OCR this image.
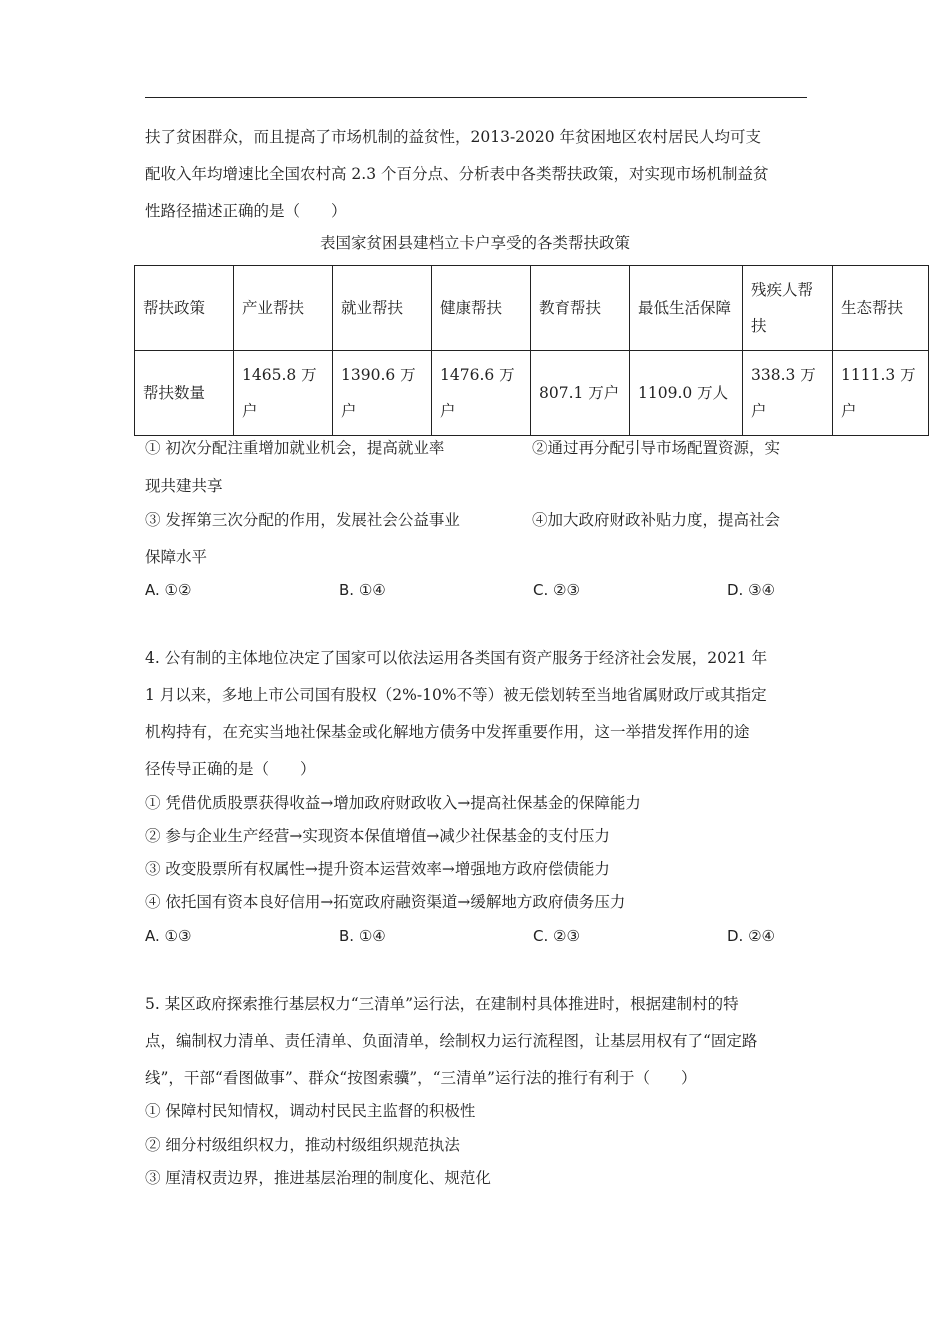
扶了贫困群众，而且提高了市场机制的益贫性，2013-2020 年贫困地区农村居民人均可支
配收入年均增速比全国农村高 2.3 个百分点、分析表中各类帮扶政策，对实现市场机制益贫
性路径描述正确的是（　　）
表国家贫困县建档立卡户享受的各类帮扶政策
帮扶政策	产业帮扶	就业帮扶	健康帮扶	教育帮扶	最低生活保障	残疾人帮扶	生态帮扶
帮扶数量	1465.8 万户	1390.6 万户	1476.6 万户	807.1 万户	1109.0 万人	338.3 万户	1111.3 万户
① 初次分配注重增加就业机会，提高就业率	②通过再分配引导市场配置资源，实
现共建共享
③ 发挥第三次分配的作用，发展社会公益事业	④加大政府财政补贴力度，提高社会
保障水平
A. ①②	B. ①④	C. ②③	D. ③④
4. 公有制的主体地位决定了国家可以依法运用各类国有资产服务于经济社会发展，2021 年
1 月以来，多地上市公司国有股权（2%-10%不等）被无偿划转至当地省属财政厅或其指定
机构持有，在充实当地社保基金或化解地方债务中发挥重要作用，这一举措发挥作用的途
径传导正确的是（　　）
① 凭借优质股票获得收益→增加政府财政收入→提高社保基金的保障能力
② 参与企业生产经营→实现资本保值增值→减少社保基金的支付压力
③ 改变股票所有权属性→提升资本运营效率→增强地方政府偿债能力
④ 依托国有资本良好信用→拓宽政府融资渠道→缓解地方政府债务压力
A. ①③	B. ①④	C. ②③	D. ②④
5. 某区政府探索推行基层权力“三清单”运行法，在建制村具体推进时，根据建制村的特
点，编制权力清单、责任清单、负面清单，绘制权力运行流程图，让基层用权有了“固定路
线”，干部“看图做事”、群众“按图索骥”，“三清单”运行法的推行有利于（　　）
① 保障村民知情权，调动村民民主监督的积极性
② 细分村级组织权力，推动村级组织规范执法
③ 厘清权责边界，推进基层治理的制度化、规范化
